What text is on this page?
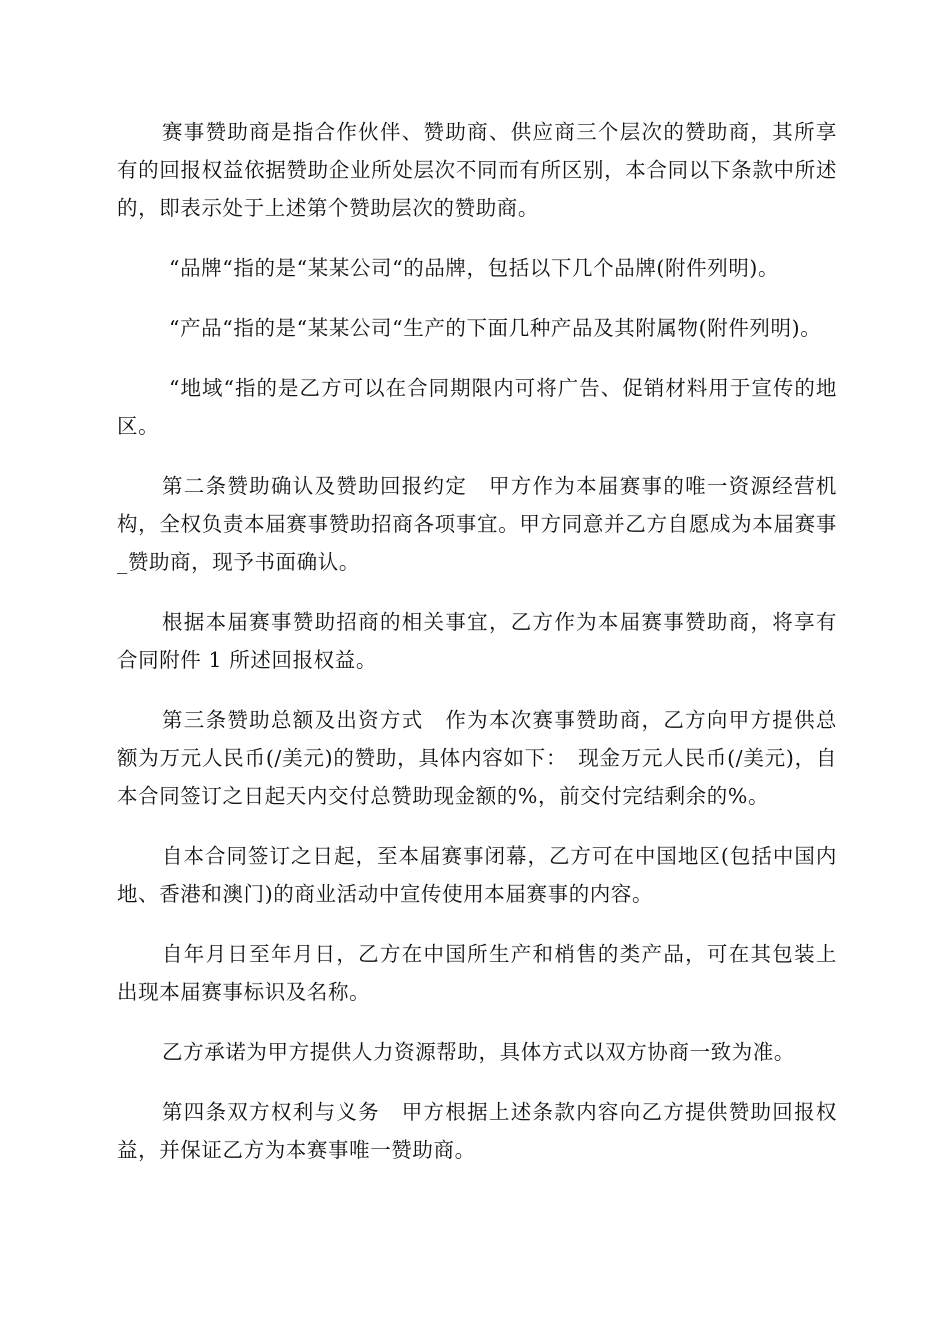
赛事赞助商是指合作伙伴、赞助商、供应商三个层次的赞助商，其所享有的回报权益依据赞助企业所处层次不同而有所区别，本合同以下条款中所述的，即表示处于上述第个赞助层次的赞助商。

“品牌“指的是“某某公司“的品牌，包括以下几个品牌(附件列明)。

“产品“指的是“某某公司“生产的下面几种产品及其附属物(附件列明)。

“地域“指的是乙方可以在合同期限内可将广告、促销材料用于宣传的地区。

第二条赞助确认及赞助回报约定　甲方作为本届赛事的唯一资源经营机构，全权负责本届赛事赞助招商各项事宜。甲方同意并乙方自愿成为本届赛事_赞助商，现予书面确认。

根据本届赛事赞助招商的相关事宜，乙方作为本届赛事赞助商，将享有合同附件 1 所述回报权益。

第三条赞助总额及出资方式　作为本次赛事赞助商，乙方向甲方提供总额为万元人民币(/美元)的赞助，具体内容如下：　现金万元人民币(/美元)，自本合同签订之日起天内交付总赞助现金额的%，前交付完结剩余的%。

自本合同签订之日起，至本届赛事闭幕，乙方可在中国地区(包括中国内地、香港和澳门)的商业活动中宣传使用本届赛事的内容。

自年月日至年月日，乙方在中国所生产和梢售的类产品，可在其包装上出现本届赛事标识及名称。

乙方承诺为甲方提供人力资源帮助，具体方式以双方协商一致为准。

第四条双方权利与义务　甲方根据上述条款内容向乙方提供赞助回报权益，并保证乙方为本赛事唯一赞助商。
